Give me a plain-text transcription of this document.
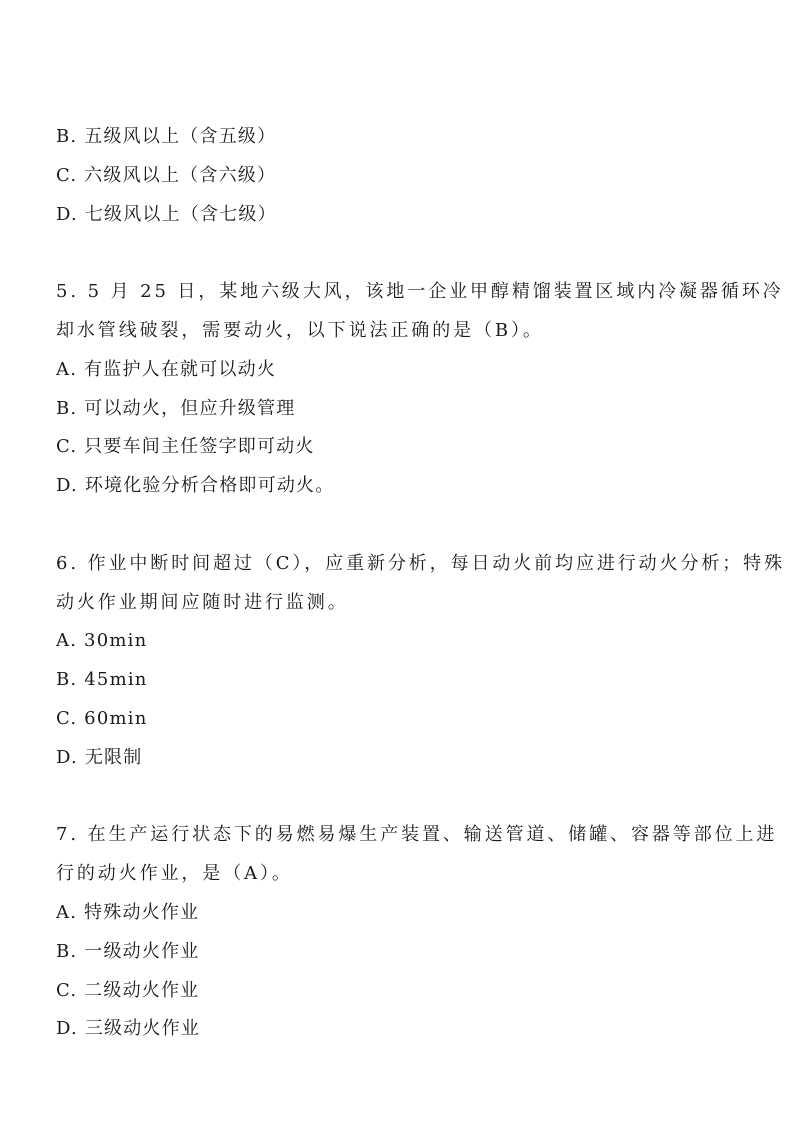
B. 五级风以上（含五级）
C. 六级风以上（含六级）
D. 七级风以上（含七级）
5. 5 月 25 日，某地六级大风，该地一企业甲醇精馏装置区域内冷凝器循环冷
却水管线破裂，需要动火，以下说法正确的是（B）。
A. 有监护人在就可以动火
B. 可以动火，但应升级管理
C. 只要车间主任签字即可动火
D. 环境化验分析合格即可动火。
6. 作业中断时间超过（C），应重新分析，每日动火前均应进行动火分析；特殊
动火作业期间应随时进行监测。
A. 30min
B. 45min
C. 60min
D. 无限制
7. 在生产运行状态下的易燃易爆生产装置、输送管道、储罐、容器等部位上进
行的动火作业，是（A）。
A. 特殊动火作业
B. 一级动火作业
C. 二级动火作业
D. 三级动火作业
